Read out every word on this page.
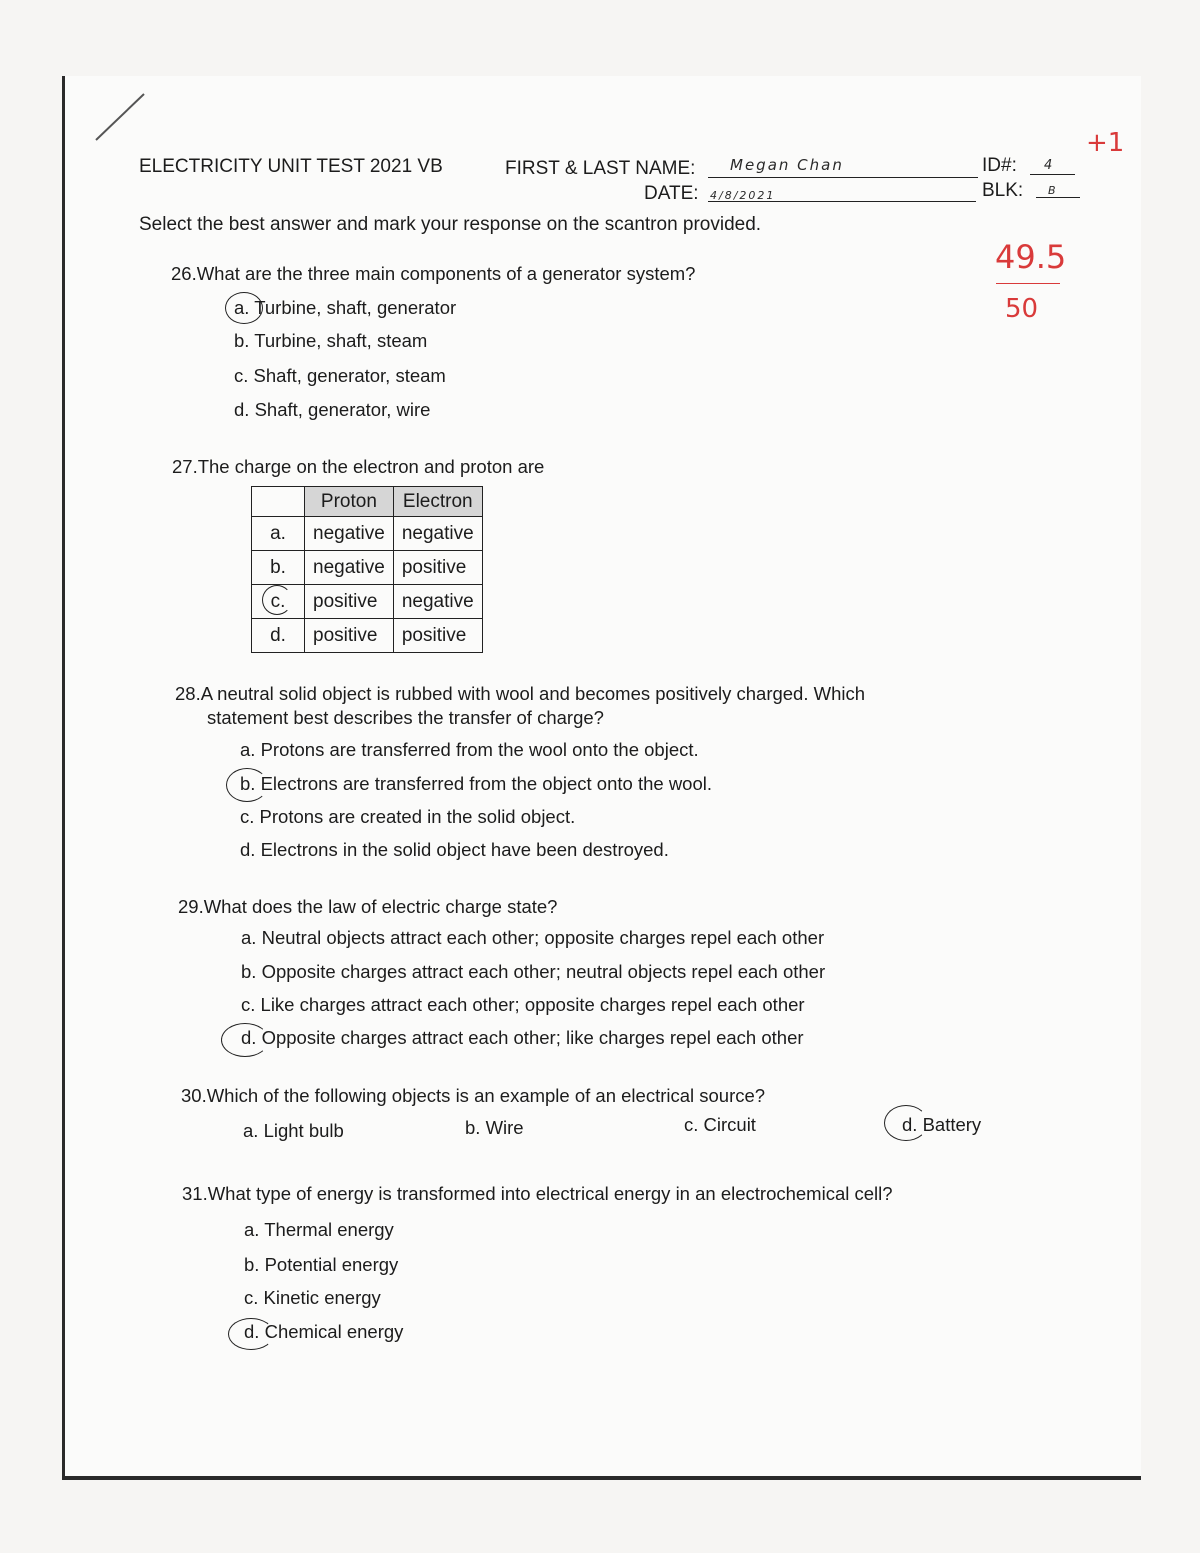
ELECTRICITY UNIT TEST 2021 VB	FIRST & LAST NAME: Megan Chan
DATE: 4/8/2021
ID#: 4
BLK: B
+1
49.5
50
Select the best answer and mark your response on the scantron provided.
26.What are the three main components of a generator system?
a. Turbine, shaft, generator
b. Turbine, shaft, steam
c. Shaft, generator, steam
d. Shaft, generator, wire
27.The charge on the electron and proton are
	Proton	Electron
a.	negative	negative
b.	negative	positive
c.	positive	negative
d.	positive	positive
28.A neutral solid object is rubbed with wool and becomes positively charged. Which
statement best describes the transfer of charge?
a. Protons are transferred from the wool onto the object.
b. Electrons are transferred from the object onto the wool.
c. Protons are created in the solid object.
d. Electrons in the solid object have been destroyed.
29.What does the law of electric charge state?
a. Neutral objects attract each other; opposite charges repel each other
b. Opposite charges attract each other; neutral objects repel each other
c. Like charges attract each other; opposite charges repel each other
d. Opposite charges attract each other; like charges repel each other
30.Which of the following objects is an example of an electrical source?
a. Light bulb	b. Wire	c. Circuit	d. Battery
31.What type of energy is transformed into electrical energy in an electrochemical cell?
a. Thermal energy
b. Potential energy
c. Kinetic energy
d. Chemical energy
